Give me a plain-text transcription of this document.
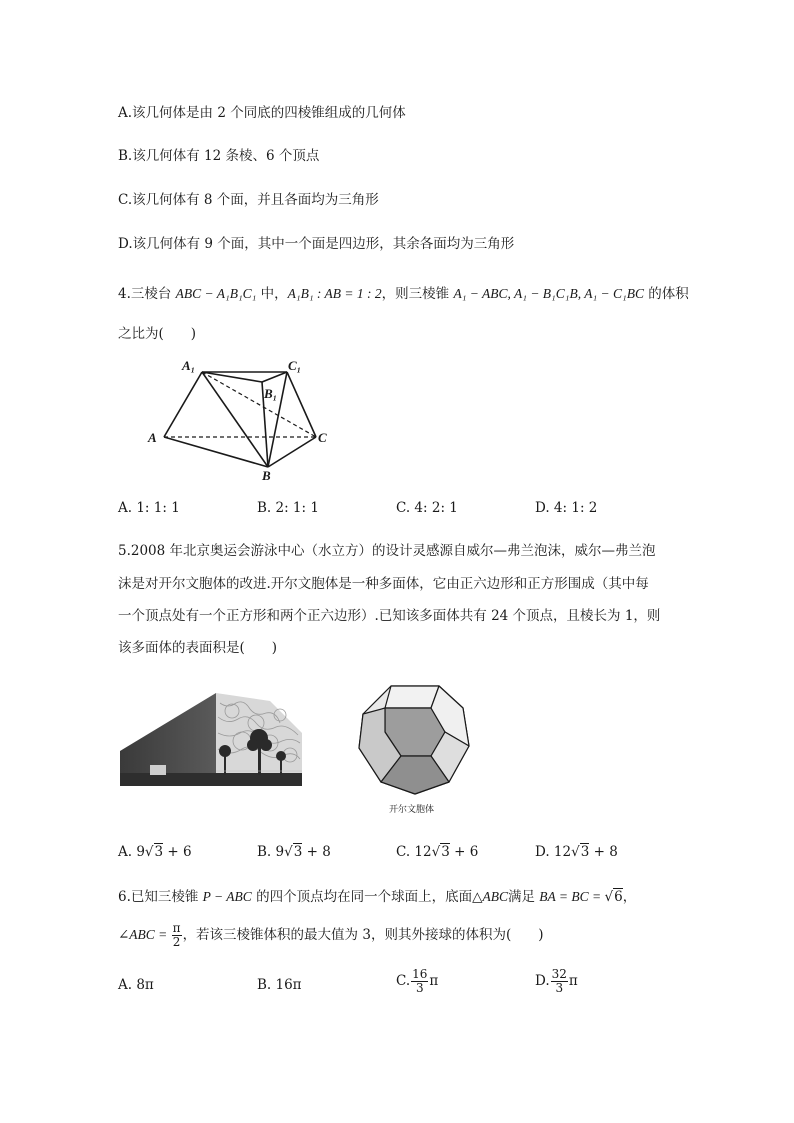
A.该几何体是由 2 个同底的四棱锥组成的几何体
B.该几何体有 12 条棱、6 个顶点
C.该几何体有 8 个面，并且各面均为三角形
D.该几何体有 9 个面，其中一个面是四边形，其余各面均为三角形
4.三棱台 ABC − A₁B₁C₁ 中，A₁B₁ : AB = 1 : 2，则三棱锥 A₁ − ABC, A₁ − B₁C₁B, A₁ − C₁BC 的体积
之比为(　　)
A₁
B₁
C₁
A
B
C
A. 1: 1: 1	B. 2: 1: 1	C. 4: 2: 1	D. 4: 1: 2
5.2008 年北京奥运会游泳中心（水立方）的设计灵感源自威尔—弗兰泡沫，威尔—弗兰泡
沫是对开尔文胞体的改进.开尔文胞体是一种多面体，它由正六边形和正方形围成（其中每
一个顶点处有一个正方形和两个正六边形）.已知该多面体共有 24 个顶点，且棱长为 1，则
该多面体的表面积是(　　)
开尔文胞体
A. 9√3 + 6	B. 9√3 + 8	C. 12√3 + 6	D. 12√3 + 8
6.已知三棱锥 P − ABC 的四个顶点均在同一个球面上，底面△ABC满足 BA = BC = √6，
∠ABC = $\frac{\pi}{2}$ ，若该三棱锥体积的最大值为 3，则其外接球的体积为(　　)
A. 8π	B. 16π	C. $\frac{16}{3}$ π	D. $\frac{32}{3}$ π
